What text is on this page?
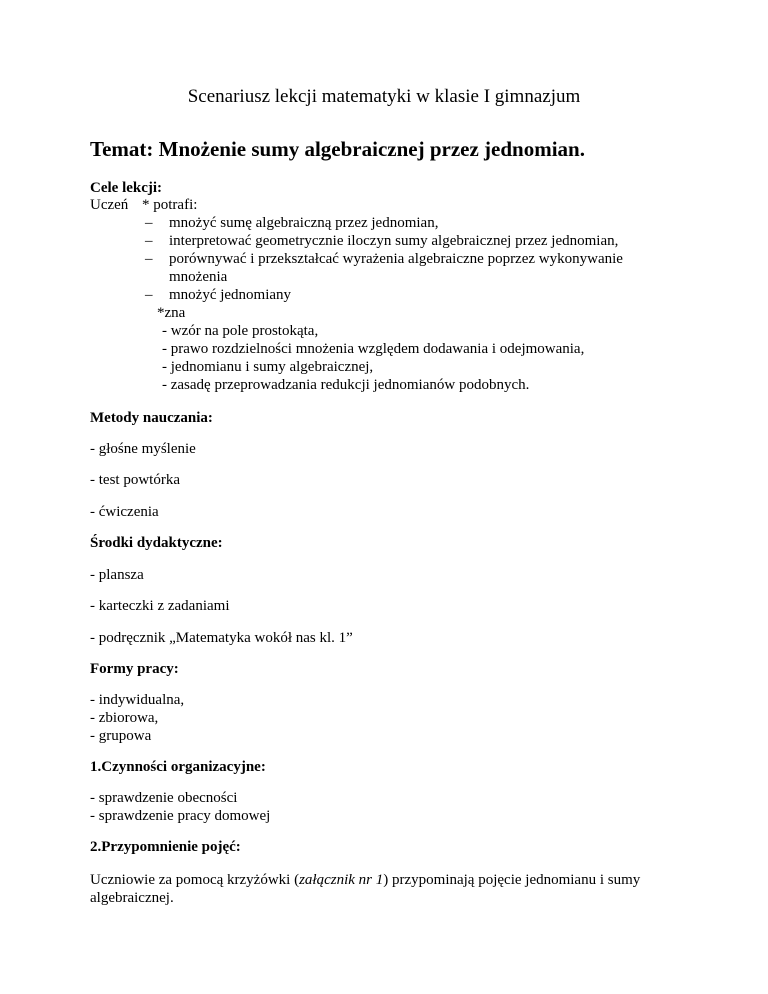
Scenariusz lekcji matematyki w klasie I gimnazjum
Temat: Mnożenie sumy algebraicznej przez jednomian.
Cele lekcji:
Uczeń * potrafi:
– mnożyć sumę algebraiczną przez jednomian,
– interpretować geometrycznie iloczyn sumy algebraicznej przez jednomian,
– porównywać i przekształcać wyrażenia algebraiczne poprzez wykonywanie
mnożenia
– mnożyć jednomiany
*zna
- wzór na pole prostokąta,
- prawo rozdzielności mnożenia względem dodawania i odejmowania,
- jednomianu i sumy algebraicznej,
- zasadę przeprowadzania redukcji jednomianów podobnych.
Metody nauczania:
- głośne myślenie
- test powtórka
- ćwiczenia
Środki dydaktyczne:
- plansza
- karteczki z zadaniami
- podręcznik „Matematyka wokół nas kl. 1”
Formy pracy:
- indywidualna,
- zbiorowa,
- grupowa
1.Czynności organizacyjne:
- sprawdzenie obecności
- sprawdzenie pracy domowej
2.Przypomnienie pojęć:
Uczniowie za pomocą krzyżówki (załącznik nr 1) przypominają pojęcie jednomianu i sumy algebraicznej.
